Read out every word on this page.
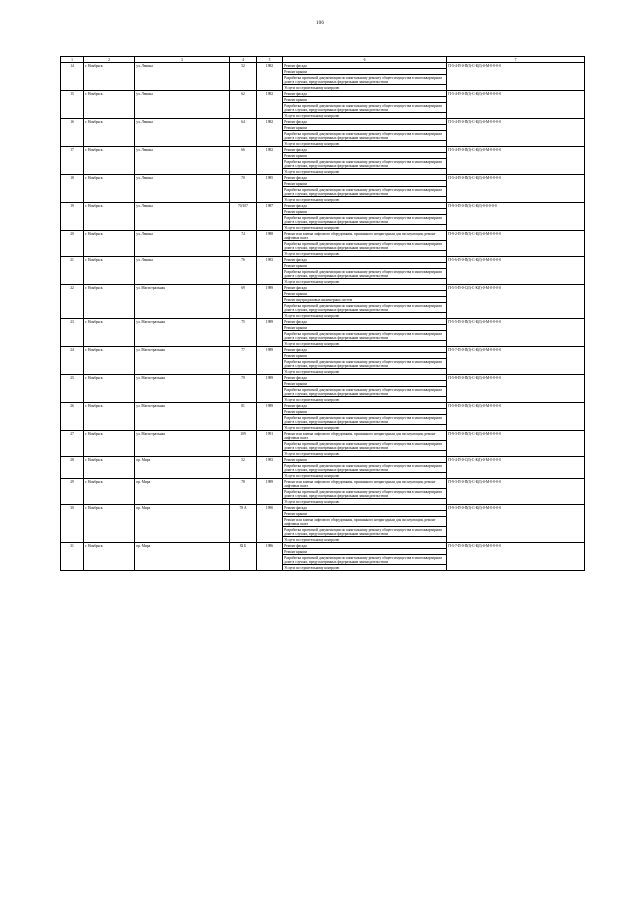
106
1	2	3	4	5	6	7
14	г. Ноябрьск	ул. Ленина	52	1982	Ремонт фасада	П-5-4-П-0-П(І)-С-К(І)-0-М-0-0-0-0
					Ремонт крыши	
					Разработка проектной документации по капитальному ремонту общего имущества в многоквартирном доме в случаях, предусмотренных федеральным законодательством	
					Услуги по строительному контролю	
15	г. Ноябрьск	ул. Ленина	62	1982	Ремонт фасада	П-5-4-П-0-П(І)-С-К(І)-0-М-0-0-0-0
					Ремонт крыши	
					Разработка проектной документации по капитальному ремонту общего имущества в многоквартирном доме в случаях, предусмотренных федеральным законодательством	
					Услуги по строительному контролю	
16	г. Ноябрьск	ул. Ленина	64	1982	Ремонт фасада	П-5-4-П-0-П(І)-С-К(І)-0-М-0-0-0-0
					Ремонт крыши	
					Разработка проектной документации по капитальному ремонту общего имущества в многоквартирном доме в случаях, предусмотренных федеральным законодательством	
					Услуги по строительному контролю	
17	г. Ноябрьск	ул. Ленина	66	1982	Ремонт фасада	П-5-4-П-0-П(І)-С-К(І)-0-М-0-0-0-0
					Ремонт крыши	
					Разработка проектной документации по капитальному ремонту общего имущества в многоквартирном доме в случаях, предусмотренных федеральным законодательством	
					Услуги по строительному контролю	
18	г. Ноябрьск	ул. Ленина	70	1985	Ремонт фасада	П-5-4-П-0-П(І)-С-К(І)-0-М-0-0-0-0
					Ремонт крыши	
					Разработка проектной документации по капитальному ремонту общего имущества в многоквартирном доме в случаях, предусмотренных федеральным законодательством	
					Услуги по строительному контролю	
19	г. Ноябрьск	ул. Ленина	70/107	1987	Ремонт фасада	П-9-3-П-0-П(І)-С-К(І)-0-0-0-0-0
					Ремонт крыши	
					Разработка проектной документации по капитальному ремонту общего имущества в многоквартирном доме в случаях, предусмотренных федеральным законодательством	
					Услуги по строительному контролю	
20	г. Ноябрьск	ул. Ленина	74	1988	Ремонт или замена лифтового оборудования, признанного непригодным для эксплуатации, ремонт лифтовых шахт	П-9-2-П-0-П(І)-С-К(І)-0-М-0-0-0-0
					Разработка проектной документации по капитальному ремонту общего имущества в многоквартирном доме в случаях, предусмотренных федеральным законодательством	
					Услуги по строительному контролю	
21	г. Ноябрьск	ул. Ленина	76	1983	Ремонт фасада	П-5-6-П-0-П(І)-С-К(І)-0-М-0-0-0-0
					Ремонт крыши	
					Разработка проектной документации по капитальному ремонту общего имущества в многоквартирном доме в случаях, предусмотренных федеральным законодательством	
					Услуги по строительному контролю	
22	г. Ноябрьск	ул. Магистральная	69	1989	Ремонт фасада	П-5-5-П-0-С(І)-С-К(І)-0-М-0-0-0-0
					Ремонт крыши	
					Ремонт внутридомовых инженерных систем	
					Разработка проектной документации по капитальному ремонту общего имущества в многоквартирном доме в случаях, предусмотренных федеральным законодательством	
					Услуги по строительному контролю	
23	г. Ноябрьск	ул. Магистральная	75	1989	Ремонт фасада	П-5-5-П-0-П(І)-С-К(І)-0-М-0-0-0-0
					Ремонт крыши	
					Разработка проектной документации по капитальному ремонту общего имущества в многоквартирном доме в случаях, предусмотренных федеральным законодательством	
					Услуги по строительному контролю	
24	г. Ноябрьск	ул. Магистральная	77	1989	Ремонт фасада	П-5-7-П-0-П(І)-С-К(І)-0-М-0-0-0-0
					Ремонт крыши	
					Разработка проектной документации по капитальному ремонту общего имущества в многоквартирном доме в случаях, предусмотренных федеральным законодательством	
					Услуги по строительному контролю	
25	г. Ноябрьск	ул. Магистральная	79	1989	Ремонт фасада	П-5-8-П-0-П(І)-С-К(І)-0-М-0-0-0-0
					Ремонт крыши	
					Разработка проектной документации по капитальному ремонту общего имущества в многоквартирном доме в случаях, предусмотренных федеральным законодательством	
					Услуги по строительному контролю	
26	г. Ноябрьск	ул. Магистральная	81	1989	Ремонт фасада	П-5-8-П-0-П(І)-С-К(І)-0-М-0-0-0-0
					Ремонт крыши	
					Разработка проектной документации по капитальному ремонту общего имущества в многоквартирном доме в случаях, предусмотренных федеральным законодательством	
					Услуги по строительному контролю	
27	г. Ноябрьск	ул. Магистральная	109	1991	Ремонт или замена лифтового оборудования, признанного непригодным для эксплуатации, ремонт лифтовых шахт	П-9-3-П-0-П(І)-С-К(І)-0-М-0-0-0-0
					Разработка проектной документации по капитальному ремонту общего имущества в многоквартирном доме в случаях, предусмотренных федеральным законодательством	
					Услуги по строительному контролю	
28	г. Ноябрьск	пр. Мира	52	1983	Ремонт крыши	П-5-4-П-0-С(І)-С-К(І)-0-М-0-0-0-0
					Разработка проектной документации по капитальному ремонту общего имущества в многоквартирном доме в случаях, предусмотренных федеральным законодательством	
					Услуги по строительному контролю	
29	г. Ноябрьск	пр. Мира	78	1989	Ремонт или замена лифтового оборудования, признанного непригодным для эксплуатации, ремонт лифтовых шахт	П-9-3-П-0-П(І)-С-К(І)-0-М-0-0-0-0
					Разработка проектной документации по капитальному ремонту общего имущества в многоквартирном доме в случаях, предусмотренных федеральным законодательством	
					Услуги по строительному контролю	
30	г. Ноябрьск	пр. Мира	78 А	1990	Ремонт фасада	П-9-3-П-0-П(І)-С-К(І)-0-М-0-0-0-0
					Ремонт крыши	
					Ремонт или замена лифтового оборудования, признанного непригодным для эксплуатации, ремонт лифтовых шахт	
					Разработка проектной документации по капитальному ремонту общего имущества в многоквартирном доме в случаях, предусмотренных федеральным законодательством	
					Услуги по строительному контролю	
31	г. Ноябрьск	пр. Мира	82 Б	1986	Ремонт фасада	П-5-7-П-0-П(І)-С-К(І)-0-М-0-0-0-0
					Ремонт крыши	
					Разработка проектной документации по капитальному ремонту общего имущества в многоквартирном доме в случаях, предусмотренных федеральным законодательством	
					Услуги по строительному контролю	
